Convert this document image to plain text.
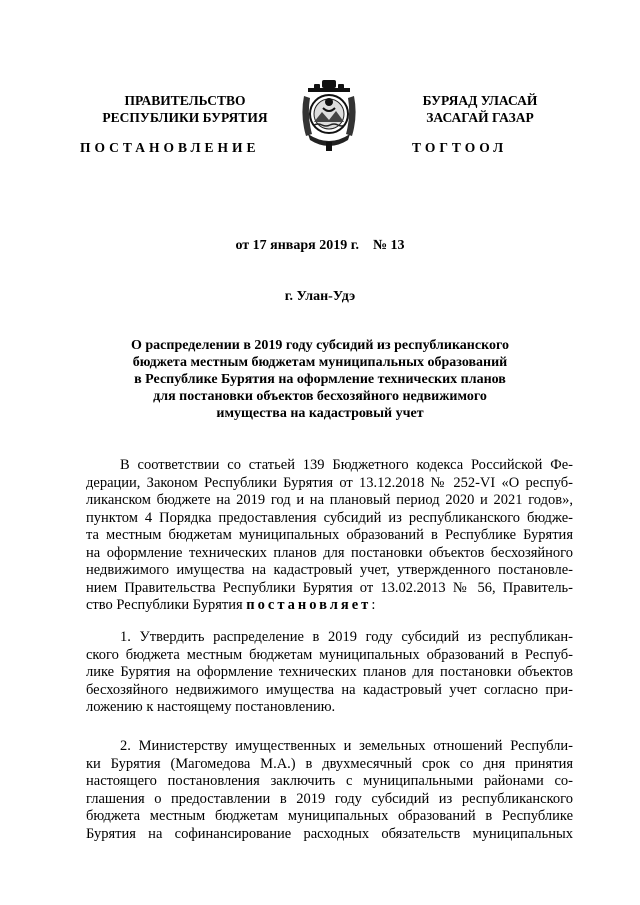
ПРАВИТЕЛЬСТВО
РЕСПУБЛИКИ БУРЯТИЯ
БУРЯАД УЛАСАЙ
ЗАСАГАЙ ГАЗАР
ПОСТАНОВЛЕНИЕ	ТОГТООЛ
от 17 января 2019 г. № 13
г. Улан-Удэ
О распределении в 2019 году субсидий из республиканского
бюджета местным бюджетам муниципальных образований
в Республике Бурятия на оформление технических планов
для постановки объектов бесхозяйного недвижимого
имущества на кадастровый учет
В соответствии со статьей 139 Бюджетного кодекса Российской Фе-
дерации, Законом Республики Бурятия от 13.12.2018 № 252-VI «О респуб-
ликанском бюджете на 2019 год и на плановый период 2020 и 2021 годов»,
пунктом 4 Порядка предоставления субсидий из республиканского бюдже-
та местным бюджетам муниципальных образований в Республике Бурятия
на оформление технических планов для постановки объектов бесхозяйного
недвижимого имущества на кадастровый учет, утвержденного постановле-
нием Правительства Республики Бурятия от 13.02.2013 № 56, Правитель-
ство Республики Бурятия постановляет:
1. Утвердить распределение в 2019 году субсидий из республикан-
ского бюджета местным бюджетам муниципальных образований в Респуб-
лике Бурятия на оформление технических планов для постановки объектов
бесхозяйного недвижимого имущества на кадастровый учет согласно при-
ложению к настоящему постановлению.
2. Министерству имущественных и земельных отношений Республи-
ки Бурятия (Магомедова М.А.) в двухмесячный срок со дня принятия
настоящего постановления заключить с муниципальными районами со-
глашения о предоставлении в 2019 году субсидий из республиканского
бюджета местным бюджетам муниципальных образований в Республике
Бурятия на софинансирование расходных обязательств муниципальных
